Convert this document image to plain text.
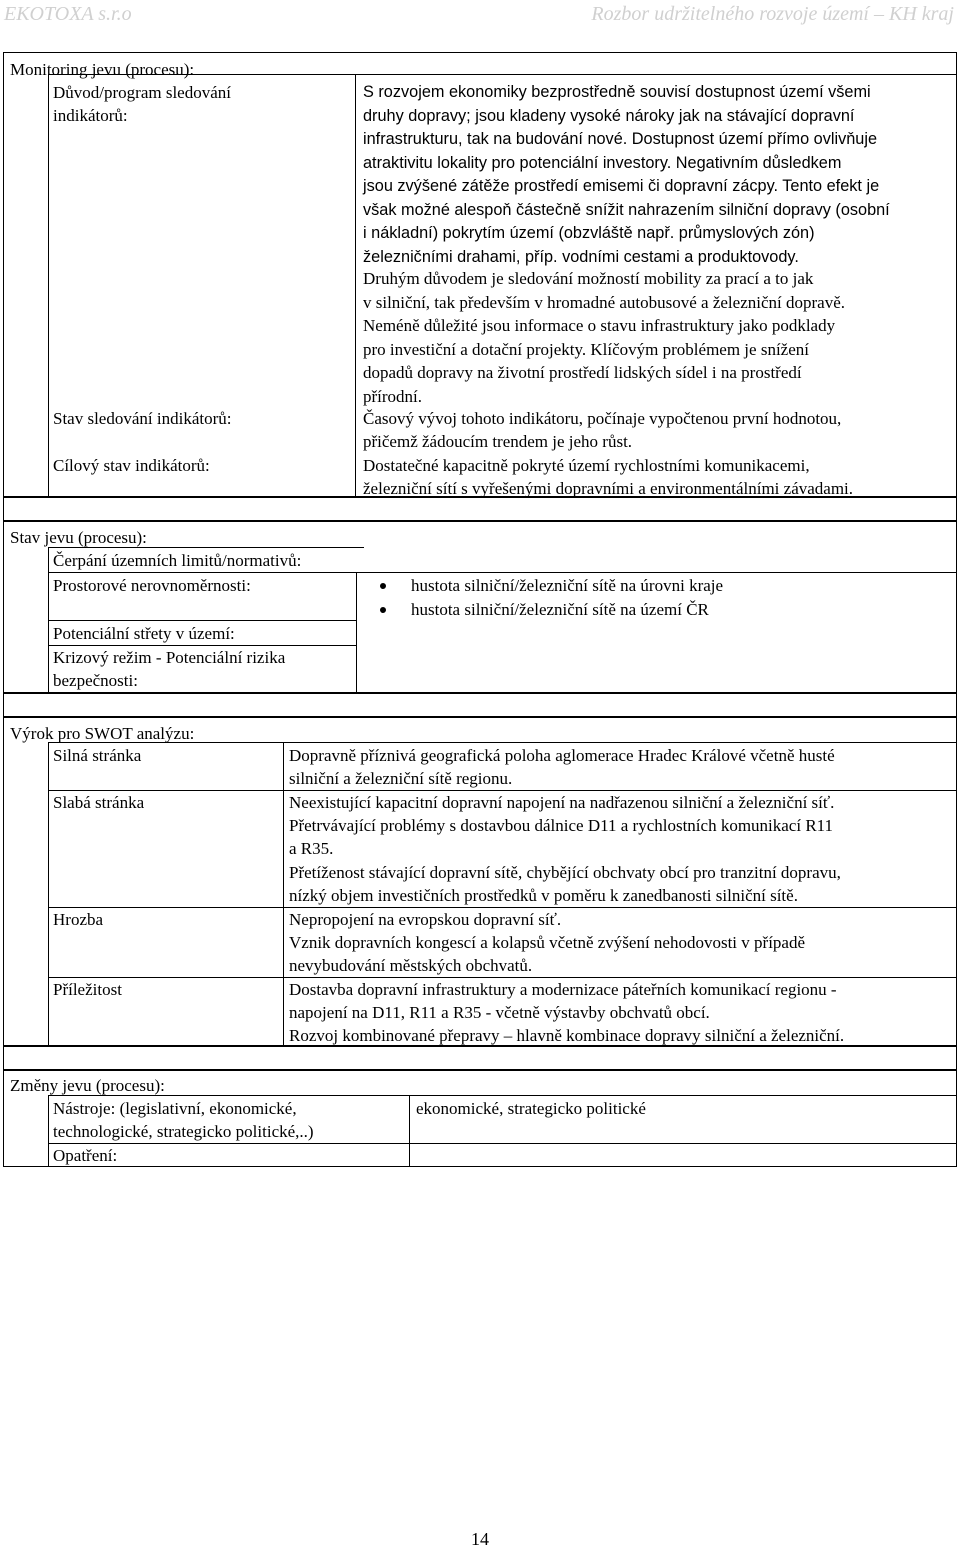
EKOTOXA s.r.o	Rozbor udržitelného rozvoje území – KH kraj
Monitoring jevu (procesu):
Důvod/program sledování
indikátorů:
S rozvojem ekonomiky bezprostředně souvisí dostupnost území všemi
druhy dopravy; jsou kladeny vysoké nároky jak na stávající dopravní
infrastrukturu, tak na budování nové. Dostupnost území přímo ovlivňuje
atraktivitu lokality pro potenciální investory. Negativním důsledkem
jsou zvýšené zátěže prostředí emisemi či dopravní zácpy. Tento efekt je
však možné alespoň částečně snížit nahrazením silniční dopravy (osobní
i nákladní) pokrytím území (obzvláště např. průmyslových zón)
železničními drahami, příp. vodními cestami a produktovody.
Druhým důvodem je sledování možností mobility za prací a to jak
v silniční, tak především v hromadné autobusové a železniční dopravě.
Neméně důležité jsou informace o stavu infrastruktury jako podklady
pro investiční a dotační projekty. Klíčovým problémem je snížení
dopadů dopravy na životní prostředí lidských sídel i na prostředí
přírodní.
Stav sledování indikátorů:	Časový vývoj tohoto indikátoru, počínaje vypočtenou první hodnotou,
přičemž žádoucím trendem je jeho růst.
Cílový stav indikátorů:	Dostatečné kapacitně pokryté území rychlostními komunikacemi,
železniční sítí s vyřešenými dopravními a environmentálními závadami.
Stav jevu (procesu):
Čerpání územních limitů/normativů:
Prostorové nerovnoměrnosti:	hustota silniční/železniční sítě na úrovni kraje
hustota silniční/železniční sítě na území ČR
Potenciální střety v území:
Krizový režim - Potenciální rizika
bezpečnosti:
Výrok pro SWOT analýzu:
Silná stránka	Dopravně příznivá geografická poloha aglomerace Hradec Králové včetně husté
silniční a železniční sítě regionu.
Slabá stránka	Neexistující kapacitní dopravní napojení na nadřazenou silniční a železniční síť.
Přetrvávající problémy s dostavbou dálnice D11 a rychlostních komunikací R11
a R35.
Přetíženost stávající dopravní sítě, chybějící obchvaty obcí pro tranzitní dopravu,
nízký objem investičních prostředků v poměru k zanedbanosti silniční sítě.
Hrozba	Nepropojení na evropskou dopravní síť.
Vznik dopravních kongescí a kolapsů včetně zvýšení nehodovosti v případě
nevybudování městských obchvatů.
Příležitost	Dostavba dopravní infrastruktury a modernizace páteřních komunikací regionu -
napojení na D11, R11 a R35 - včetně výstavby obchvatů obcí.
Rozvoj kombinované přepravy – hlavně kombinace dopravy silniční a železniční.
Změny jevu (procesu):
Nástroje: (legislativní, ekonomické,
technologické, strategicko politické,..)
ekonomické, strategicko politické
Opatření:
14
